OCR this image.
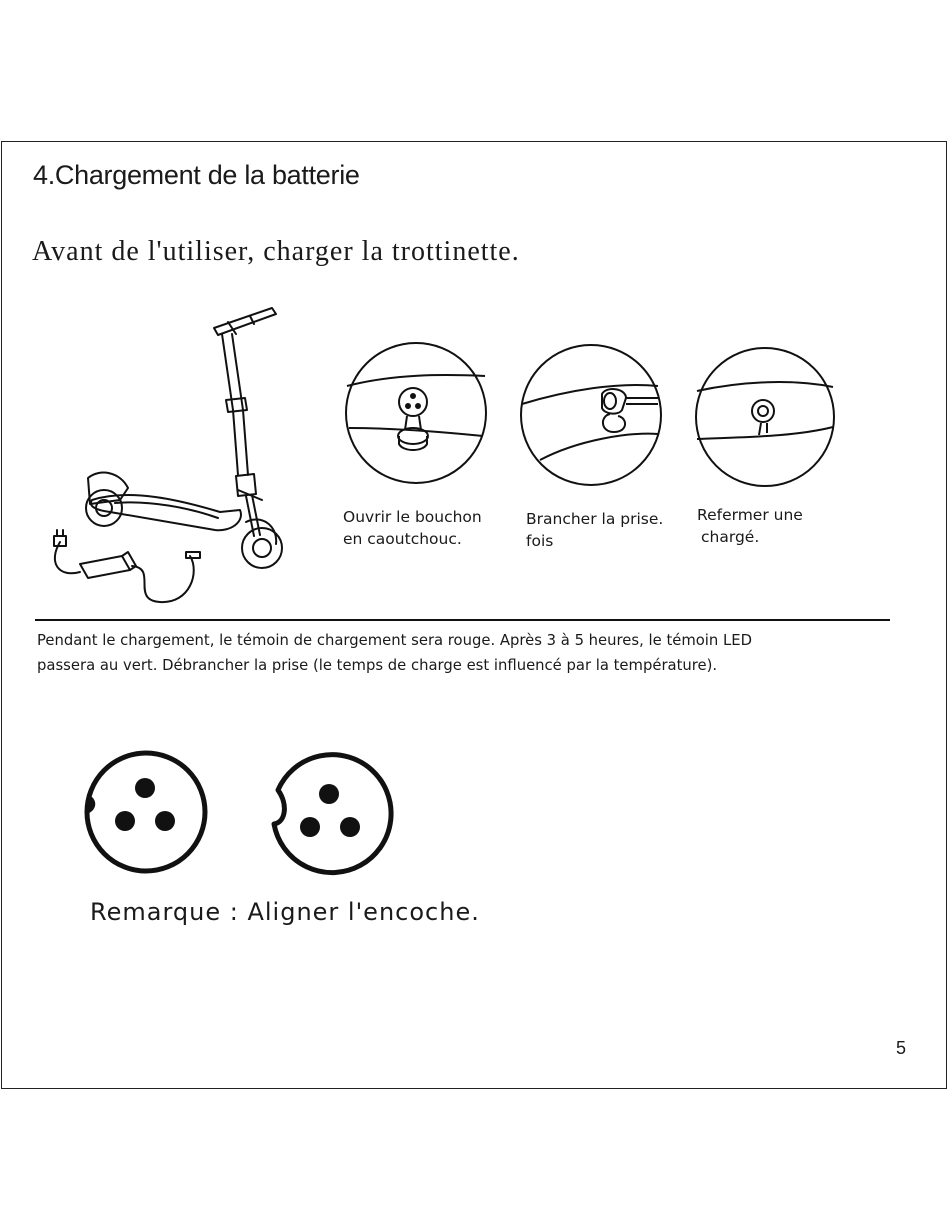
4.Chargement de la batterie

Avant de l'utiliser, charger la trottinette.

Ouvrir le bouchon
en caoutchouc.
Brancher la prise.
fois
Refermer une
chargé.
Pendant le chargement, le témoin de chargement sera rouge. Après 3 à 5 heures, le témoin LED
passera au vert. Débrancher la prise (le temps de charge est influencé par la température).
Remarque : Aligner l'encoche.
5
